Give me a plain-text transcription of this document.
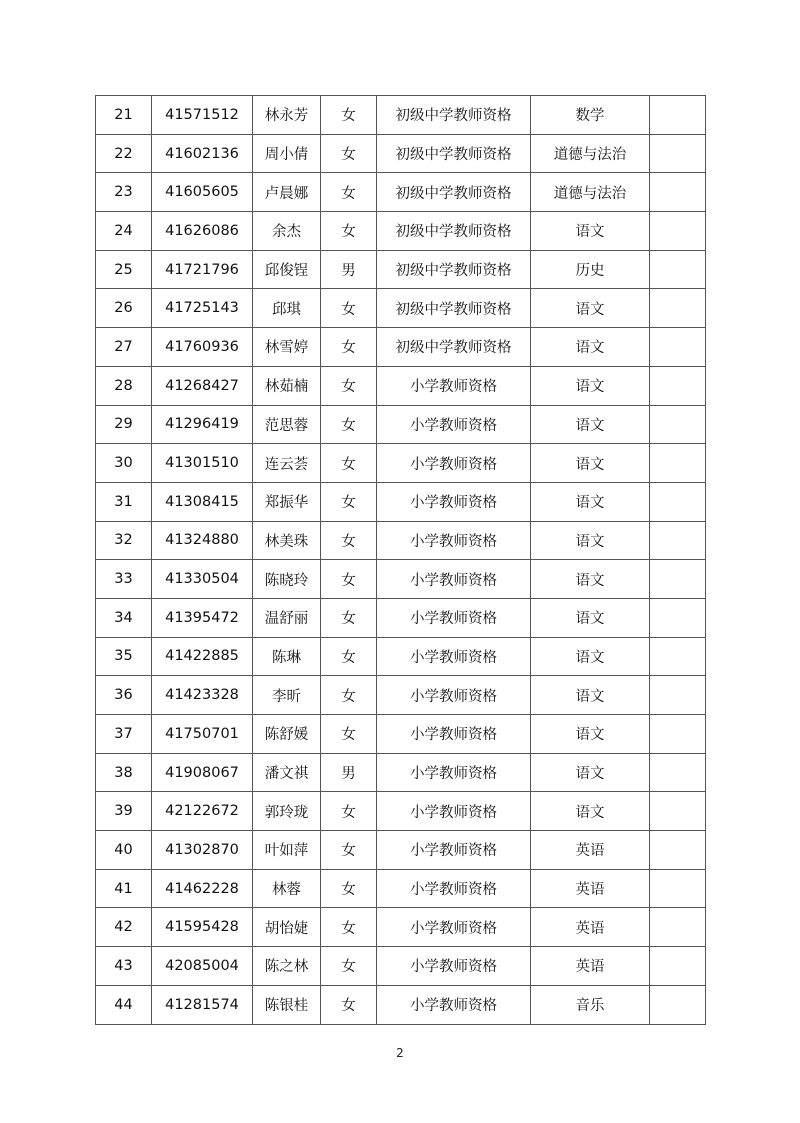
21	41571512	林永芳	女	初级中学教师资格	数学	
22	41602136	周小倩	女	初级中学教师资格	道德与法治	
23	41605605	卢晨娜	女	初级中学教师资格	道德与法治	
24	41626086	余杰	女	初级中学教师资格	语文	
25	41721796	邱俊锃	男	初级中学教师资格	历史	
26	41725143	邱琪	女	初级中学教师资格	语文	
27	41760936	林雪婷	女	初级中学教师资格	语文	
28	41268427	林茹楠	女	小学教师资格	语文	
29	41296419	范思蓉	女	小学教师资格	语文	
30	41301510	连云荟	女	小学教师资格	语文	
31	41308415	郑振华	女	小学教师资格	语文	
32	41324880	林美珠	女	小学教师资格	语文	
33	41330504	陈晓玲	女	小学教师资格	语文	
34	41395472	温舒丽	女	小学教师资格	语文	
35	41422885	陈琳	女	小学教师资格	语文	
36	41423328	李昕	女	小学教师资格	语文	
37	41750701	陈舒媛	女	小学教师资格	语文	
38	41908067	潘文祺	男	小学教师资格	语文	
39	42122672	郭玲珑	女	小学教师资格	语文	
40	41302870	叶如萍	女	小学教师资格	英语	
41	41462228	林蓉	女	小学教师资格	英语	
42	41595428	胡怡婕	女	小学教师资格	英语	
43	42085004	陈之林	女	小学教师资格	英语	
44	41281574	陈银桂	女	小学教师资格	音乐	
2
